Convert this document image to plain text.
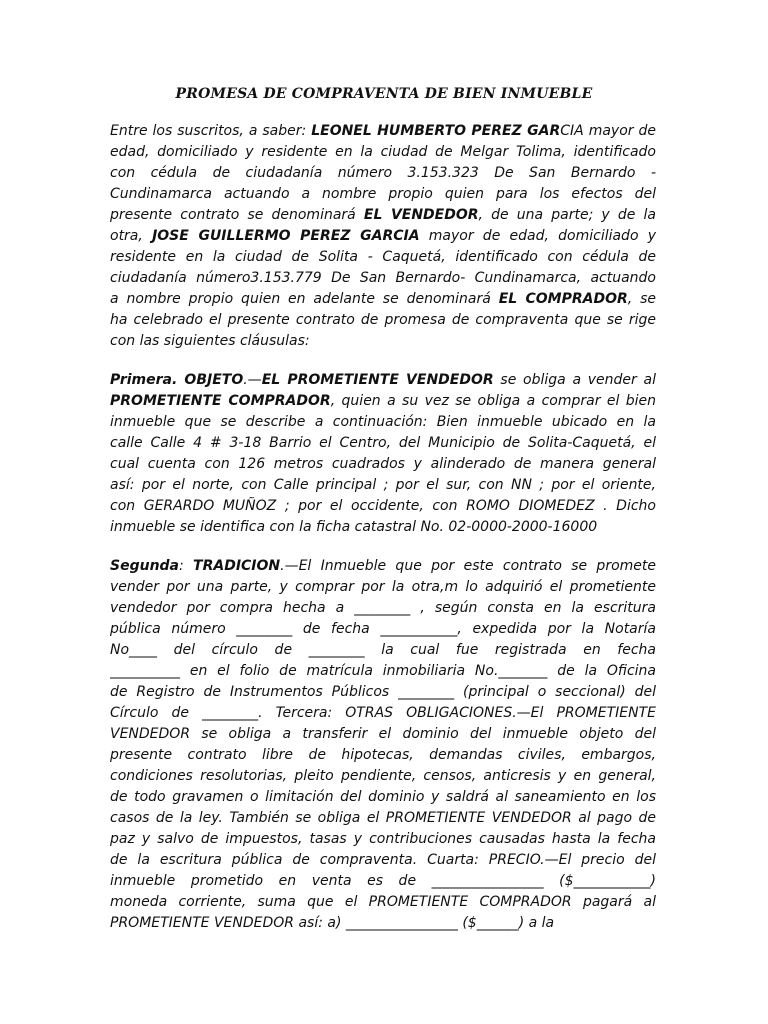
PROMESA DE COMPRAVENTA DE BIEN INMUEBLE
Entre los suscritos, a saber: LEONEL HUMBERTO PEREZ GARCIA mayor de
edad, domiciliado y residente en la ciudad de Melgar Tolima, identificado
con cédula de ciudadanía número 3.153.323 De San Bernardo -
Cundinamarca actuando a nombre propio quien para los efectos del
presente contrato se denominará EL VENDEDOR, de una parte; y de la
otra, JOSE GUILLERMO PEREZ GARCIA mayor de edad, domiciliado y
residente en la ciudad de Solita - Caquetá, identificado con cédula de
ciudadanía número3.153.779 De San Bernardo- Cundinamarca, actuando
a nombre propio quien en adelante se denominará EL COMPRADOR, se
ha celebrado el presente contrato de promesa de compraventa que se rige
con las siguientes cláusulas:
Primera. OBJETO.—EL PROMETIENTE VENDEDOR se obliga a vender al
PROMETIENTE COMPRADOR, quien a su vez se obliga a comprar el bien
inmueble que se describe a continuación: Bien inmueble ubicado en la
calle Calle 4 # 3-18 Barrio el Centro, del Municipio de Solita-Caquetá, el
cual cuenta con 126 metros cuadrados y alinderado de manera general
así: por el norte, con Calle principal ; por el sur, con NN ; por el oriente,
con GERARDO MUÑOZ ; por el occidente, con ROMO DIOMEDEZ . Dicho
inmueble se identifica con la ficha catastral No. 02-0000-2000-16000
Segunda: TRADICION.—El Inmueble que por este contrato se promete
vender por una parte, y comprar por la otra,m lo adquirió el prometiente
vendedor por compra hecha a ________ , según consta en la escritura
pública número ________ de fecha ___________, expedida por la Notaría
No____ del círculo de ________ la cual fue registrada en fecha
__________ en el folio de matrícula inmobiliaria No._______ de la Oficina
de Registro de Instrumentos Públicos ________ (principal o seccional) del
Círculo de ________. Tercera: OTRAS OBLIGACIONES.—El PROMETIENTE
VENDEDOR se obliga a transferir el dominio del inmueble objeto del
presente contrato libre de hipotecas, demandas civiles, embargos,
condiciones resolutorias, pleito pendiente, censos, anticresis y en general,
de todo gravamen o limitación del dominio y saldrá al saneamiento en los
casos de la ley. También se obliga el PROMETIENTE VENDEDOR al pago de
paz y salvo de impuestos, tasas y contribuciones causadas hasta la fecha
de la escritura pública de compraventa. Cuarta: PRECIO.—El precio del
inmueble prometido en venta es de ________________ ($___________)
moneda corriente, suma que el PROMETIENTE COMPRADOR pagará al
PROMETIENTE VENDEDOR así: a) ________________ ($______) a la
